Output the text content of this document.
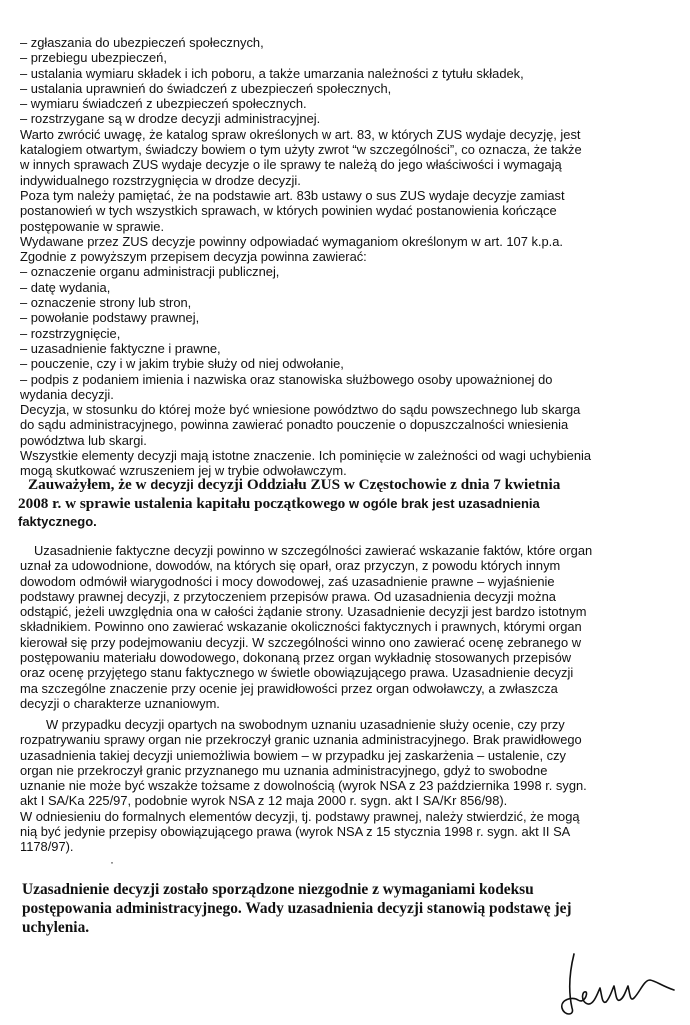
– zgłaszania do ubezpieczeń społecznych,
– przebiegu ubezpieczeń,
– ustalania wymiaru składek i ich poboru, a także umarzania należności z tytułu składek,
– ustalania uprawnień do świadczeń z ubezpieczeń społecznych,
– wymiaru świadczeń z ubezpieczeń społecznych.
– rozstrzygane są w drodze decyzji administracyjnej.
Warto zwrócić uwagę, że katalog spraw określonych w art. 83, w których ZUS wydaje decyzję, jest
katalogiem otwartym, świadczy bowiem o tym użyty zwrot “w szczególności”, co oznacza, że także
w innych sprawach ZUS wydaje decyzje o ile sprawy te należą do jego właściwości i wymagają
indywidualnego rozstrzygnięcia w drodze decyzji.
Poza tym należy pamiętać, że na podstawie art. 83b ustawy o sus ZUS wydaje decyzje zamiast
postanowień w tych wszystkich sprawach, w których powinien wydać postanowienia kończące
postępowanie w sprawie.
Wydawane przez ZUS decyzje powinny odpowiadać wymaganiom określonym w art. 107 k.p.a.
Zgodnie z powyższym przepisem decyzja powinna zawierać:
– oznaczenie organu administracji publicznej,
– datę wydania,
– oznaczenie strony lub stron,
– powołanie podstawy prawnej,
– rozstrzygnięcie,
– uzasadnienie faktyczne i prawne,
– pouczenie, czy i w jakim trybie służy od niej odwołanie,
– podpis z podaniem imienia i nazwiska oraz stanowiska służbowego osoby upoważnionej do
wydania decyzji.
Decyzja, w stosunku do której może być wniesione powództwo do sądu powszechnego lub skarga
do sądu administracyjnego, powinna zawierać ponadto pouczenie o dopuszczalności wniesienia
powództwa lub skargi.
Wszystkie elementy decyzji mają istotne znaczenie. Ich pominięcie w zależności od wagi uchybienia
mogą skutkować wzruszeniem jej w trybie odwoławczym.
Zauważyłem, że w decyzji decyzji Oddziału ZUS w Częstochowie z dnia 7 kwietnia
2008 r. w sprawie ustalenia kapitału początkowego w ogóle brak jest uzasadnienia
faktycznego.
Uzasadnienie faktyczne decyzji powinno w szczególności zawierać wskazanie faktów, które organ
uznał za udowodnione, dowodów, na których się oparł, oraz przyczyn, z powodu których innym
dowodom odmówił wiarygodności i mocy dowodowej, zaś uzasadnienie prawne – wyjaśnienie
podstawy prawnej decyzji, z przytoczeniem przepisów prawa. Od uzasadnienia decyzji można
odstąpić, jeżeli uwzględnia ona w całości żądanie strony. Uzasadnienie decyzji jest bardzo istotnym
składnikiem. Powinno ono zawierać wskazanie okoliczności faktycznych i prawnych, którymi organ
kierował się przy podejmowaniu decyzji. W szczególności winno ono zawierać ocenę zebranego w
postępowaniu materiału dowodowego, dokonaną przez organ wykładnię stosowanych przepisów
oraz ocenę przyjętego stanu faktycznego w świetle obowiązującego prawa. Uzasadnienie decyzji
ma szczególne znaczenie przy ocenie jej prawidłowości przez organ odwoławczy, a zwłaszcza
decyzji o charakterze uznaniowym.
W przypadku decyzji opartych na swobodnym uznaniu uzasadnienie służy ocenie, czy przy
rozpatrywaniu sprawy organ nie przekroczył granic uznania administracyjnego. Brak prawidłowego
uzasadnienia takiej decyzji uniemożliwia bowiem – w przypadku jej zaskarżenia – ustalenie, czy
organ nie przekroczył granic przyznanego mu uznania administracyjnego, gdyż to swobodne
uznanie nie może być wszakże tożsame z dowolnością (wyrok NSA z 23 października 1998 r. sygn.
akt I SA/Ka 225/97, podobnie wyrok NSA z 12 maja 2000 r. sygn. akt I SA/Kr 856/98).
W odniesieniu do formalnych elementów decyzji, tj. podstawy prawnej, należy stwierdzić, że mogą
nią być jedynie przepisy obowiązującego prawa (wyrok NSA z 15 stycznia 1998 r. sygn. akt II SA
1178/97).
·
Uzasadnienie decyzji zostało sporządzone niezgodnie z wymaganiami kodeksu
postępowania administracyjnego. Wady uzasadnienia decyzji stanowią podstawę jej
uchylenia.
